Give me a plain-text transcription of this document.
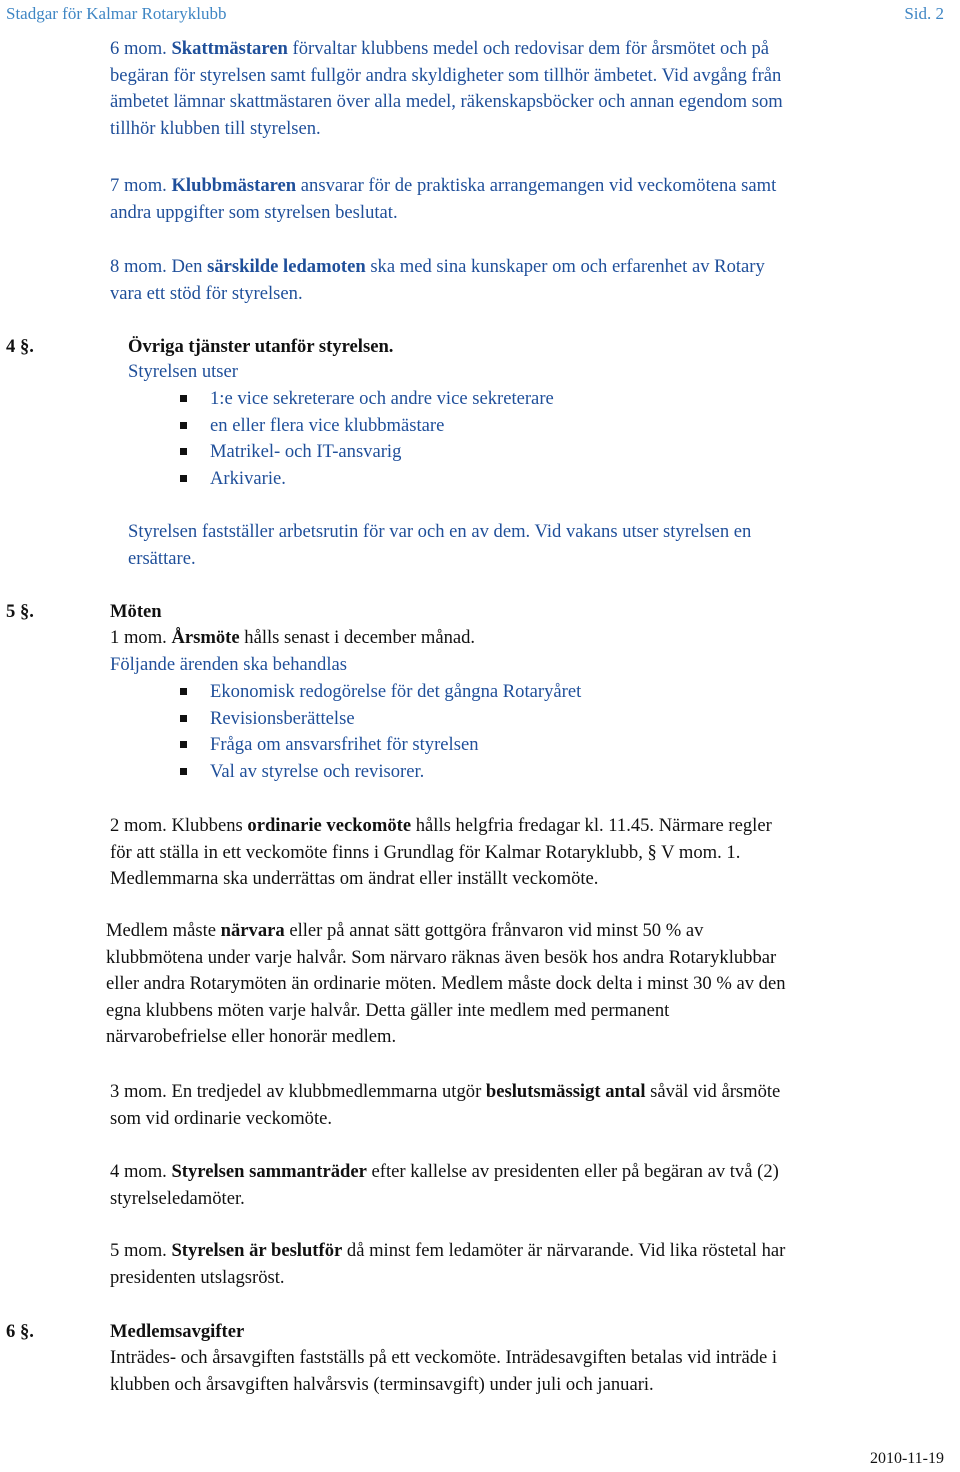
Stadgar för Kalmar Rotaryklubb	Sid. 2
6 mom. Skattmästaren förvaltar klubbens medel och redovisar dem för årsmötet och på
begäran för styrelsen samt fullgör andra skyldigheter som tillhör ämbetet. Vid avgång från
ämbetet lämnar skattmästaren över alla medel, räkenskapsböcker och annan egendom som
tillhör klubben till styrelsen.
7 mom. Klubbmästaren ansvarar för de praktiska arrangemangen vid veckomötena samt
andra uppgifter som styrelsen beslutat.
8 mom. Den särskilde ledamoten ska med sina kunskaper om och erfarenhet av Rotary
vara ett stöd för styrelsen.
4 §.	Övriga tjänster utanför styrelsen.
Styrelsen utser
1:e vice sekreterare och andre vice sekreterare
en eller flera vice klubbmästare
Matrikel- och IT-ansvarig
Arkivarie.
Styrelsen fastställer arbetsrutin för var och en av dem. Vid vakans utser styrelsen en
ersättare.
5 §.	Möten
1 mom. Årsmöte hålls senast i december månad.
Följande ärenden ska behandlas
Ekonomisk redogörelse för det gångna Rotaryåret
Revisionsberättelse
Fråga om ansvarsfrihet för styrelsen
Val av styrelse och revisorer.
2 mom. Klubbens ordinarie veckomöte hålls helgfria fredagar kl. 11.45. Närmare regler
för att ställa in ett veckomöte finns i Grundlag för Kalmar Rotaryklubb, § V mom. 1.
Medlemmarna ska underrättas om ändrat eller inställt veckomöte.
Medlem måste närvara eller på annat sätt gottgöra frånvaron vid minst 50 % av
klubbmötena under varje halvår. Som närvaro räknas även besök hos andra Rotaryklubbar
eller andra Rotarymöten än ordinarie möten. Medlem måste dock delta i minst 30 % av den
egna klubbens möten varje halvår. Detta gäller inte medlem med permanent
närvarobefrielse eller honorär medlem.
3 mom. En tredjedel av klubbmedlemmarna utgör beslutsmässigt antal såväl vid årsmöte
som vid ordinarie veckomöte.
4 mom. Styrelsen sammanträder efter kallelse av presidenten eller på begäran av två (2)
styrelseledamöter.
5 mom. Styrelsen är beslutför då minst fem ledamöter är närvarande. Vid lika röstetal har
presidenten utslagsröst.
6 §.	Medlemsavgifter
Inträdes- och årsavgiften fastställs på ett veckomöte. Inträdesavgiften betalas vid inträde i
klubben och årsavgiften halvårsvis (terminsavgift) under juli och januari.
2010-11-19
